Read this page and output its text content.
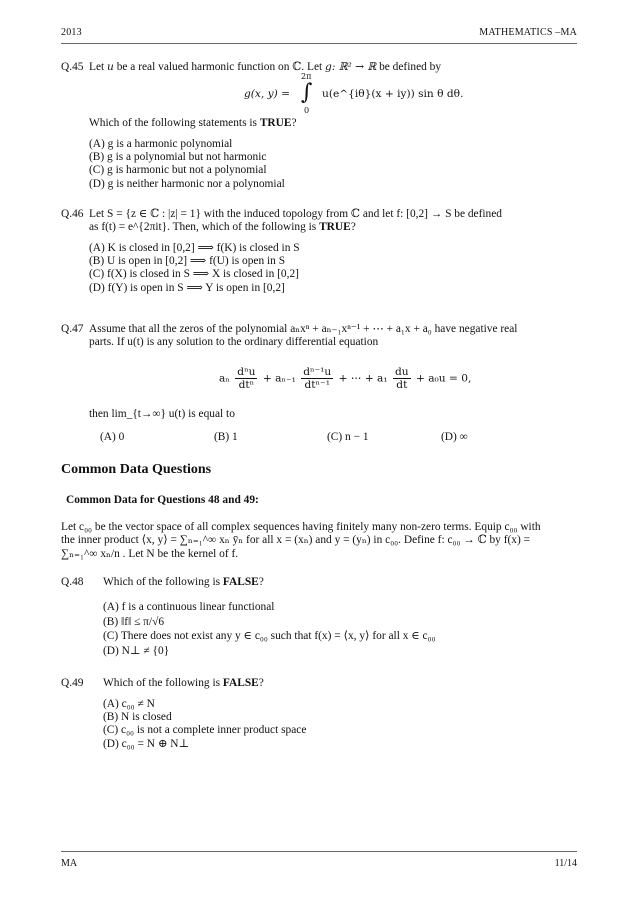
2013	MATHEMATICS –MA
Q.45 Let u be a real valued harmonic function on ℂ. Let g: ℝ² → ℝ be defined by
g(x, y) =
2π
∫
0
u(e^{iθ}(x + iy)) sin θ dθ.
Which of the following statements is TRUE?
(A) g is a harmonic polynomial
(B) g is a polynomial but not harmonic
(C) g is harmonic but not a polynomial
(D) g is neither harmonic nor a polynomial
Q.46 Let S = {z ∈ ℂ : |z| = 1} with the induced topology from ℂ and let f: [0,2] → S be defined
as f(t) = e^{2πit}. Then, which of the following is TRUE?
(A) K is closed in [0,2] ⟹ f(K) is closed in S
(B) U is open in [0,2] ⟹ f(U) is open in S
(C) f(X) is closed in S ⟹ X is closed in [0,2]
(D) f(Y) is open in S ⟹ Y is open in [0,2]
Q.47 Assume that all the zeros of the polynomial aₙxⁿ + aₙ₋₁xⁿ⁻¹ + ⋯ + a₁x + a₀ have negative real
parts. If u(t) is any solution to the ordinary differential equation
aₙ $\frac{\text{dⁿu}}{\text{dtⁿ}} + a_{n-1} \frac{\text{dⁿ⁻¹u}}{\text{dtⁿ⁻¹}}$ + ⋯ + $a_1 \frac{du}{dt} + a_0u = 0$,
then lim_{t→∞} u(t) is equal to
(A) 0	(B) 1	(C) n − 1	(D) ∞
Common Data Questions
Common Data for Questions 48 and 49:
Let c₀₀ be the vector space of all complex sequences having finitely many non-zero terms. Equip c₀₀ with
the inner product ⟨x, y⟩ = ∑ₙ₌₁^∞ xₙ ȳₙ for all x = (xₙ) and y = (yₙ) in c₀₀. Define f: c₀₀ → ℂ by f(x) =
∑ₙ₌₁^∞ xₙ/n . Let N be the kernel of f.
Q.48 Which of the following is FALSE?
(A) f is a continuous linear functional
(B) ‖f‖ ≤ π/√6
(C) There does not exist any y ∈ c₀₀ such that f(x) = ⟨x, y⟩ for all x ∈ c₀₀
(D) N⊥ ≠ {0}
Q.49 Which of the following is FALSE?
(A) c₀₀ ≠ N
(B) N is closed
(C) c₀₀ is not a complete inner product space
(D) c₀₀ = N ⊕ N⊥
MA	11/14
